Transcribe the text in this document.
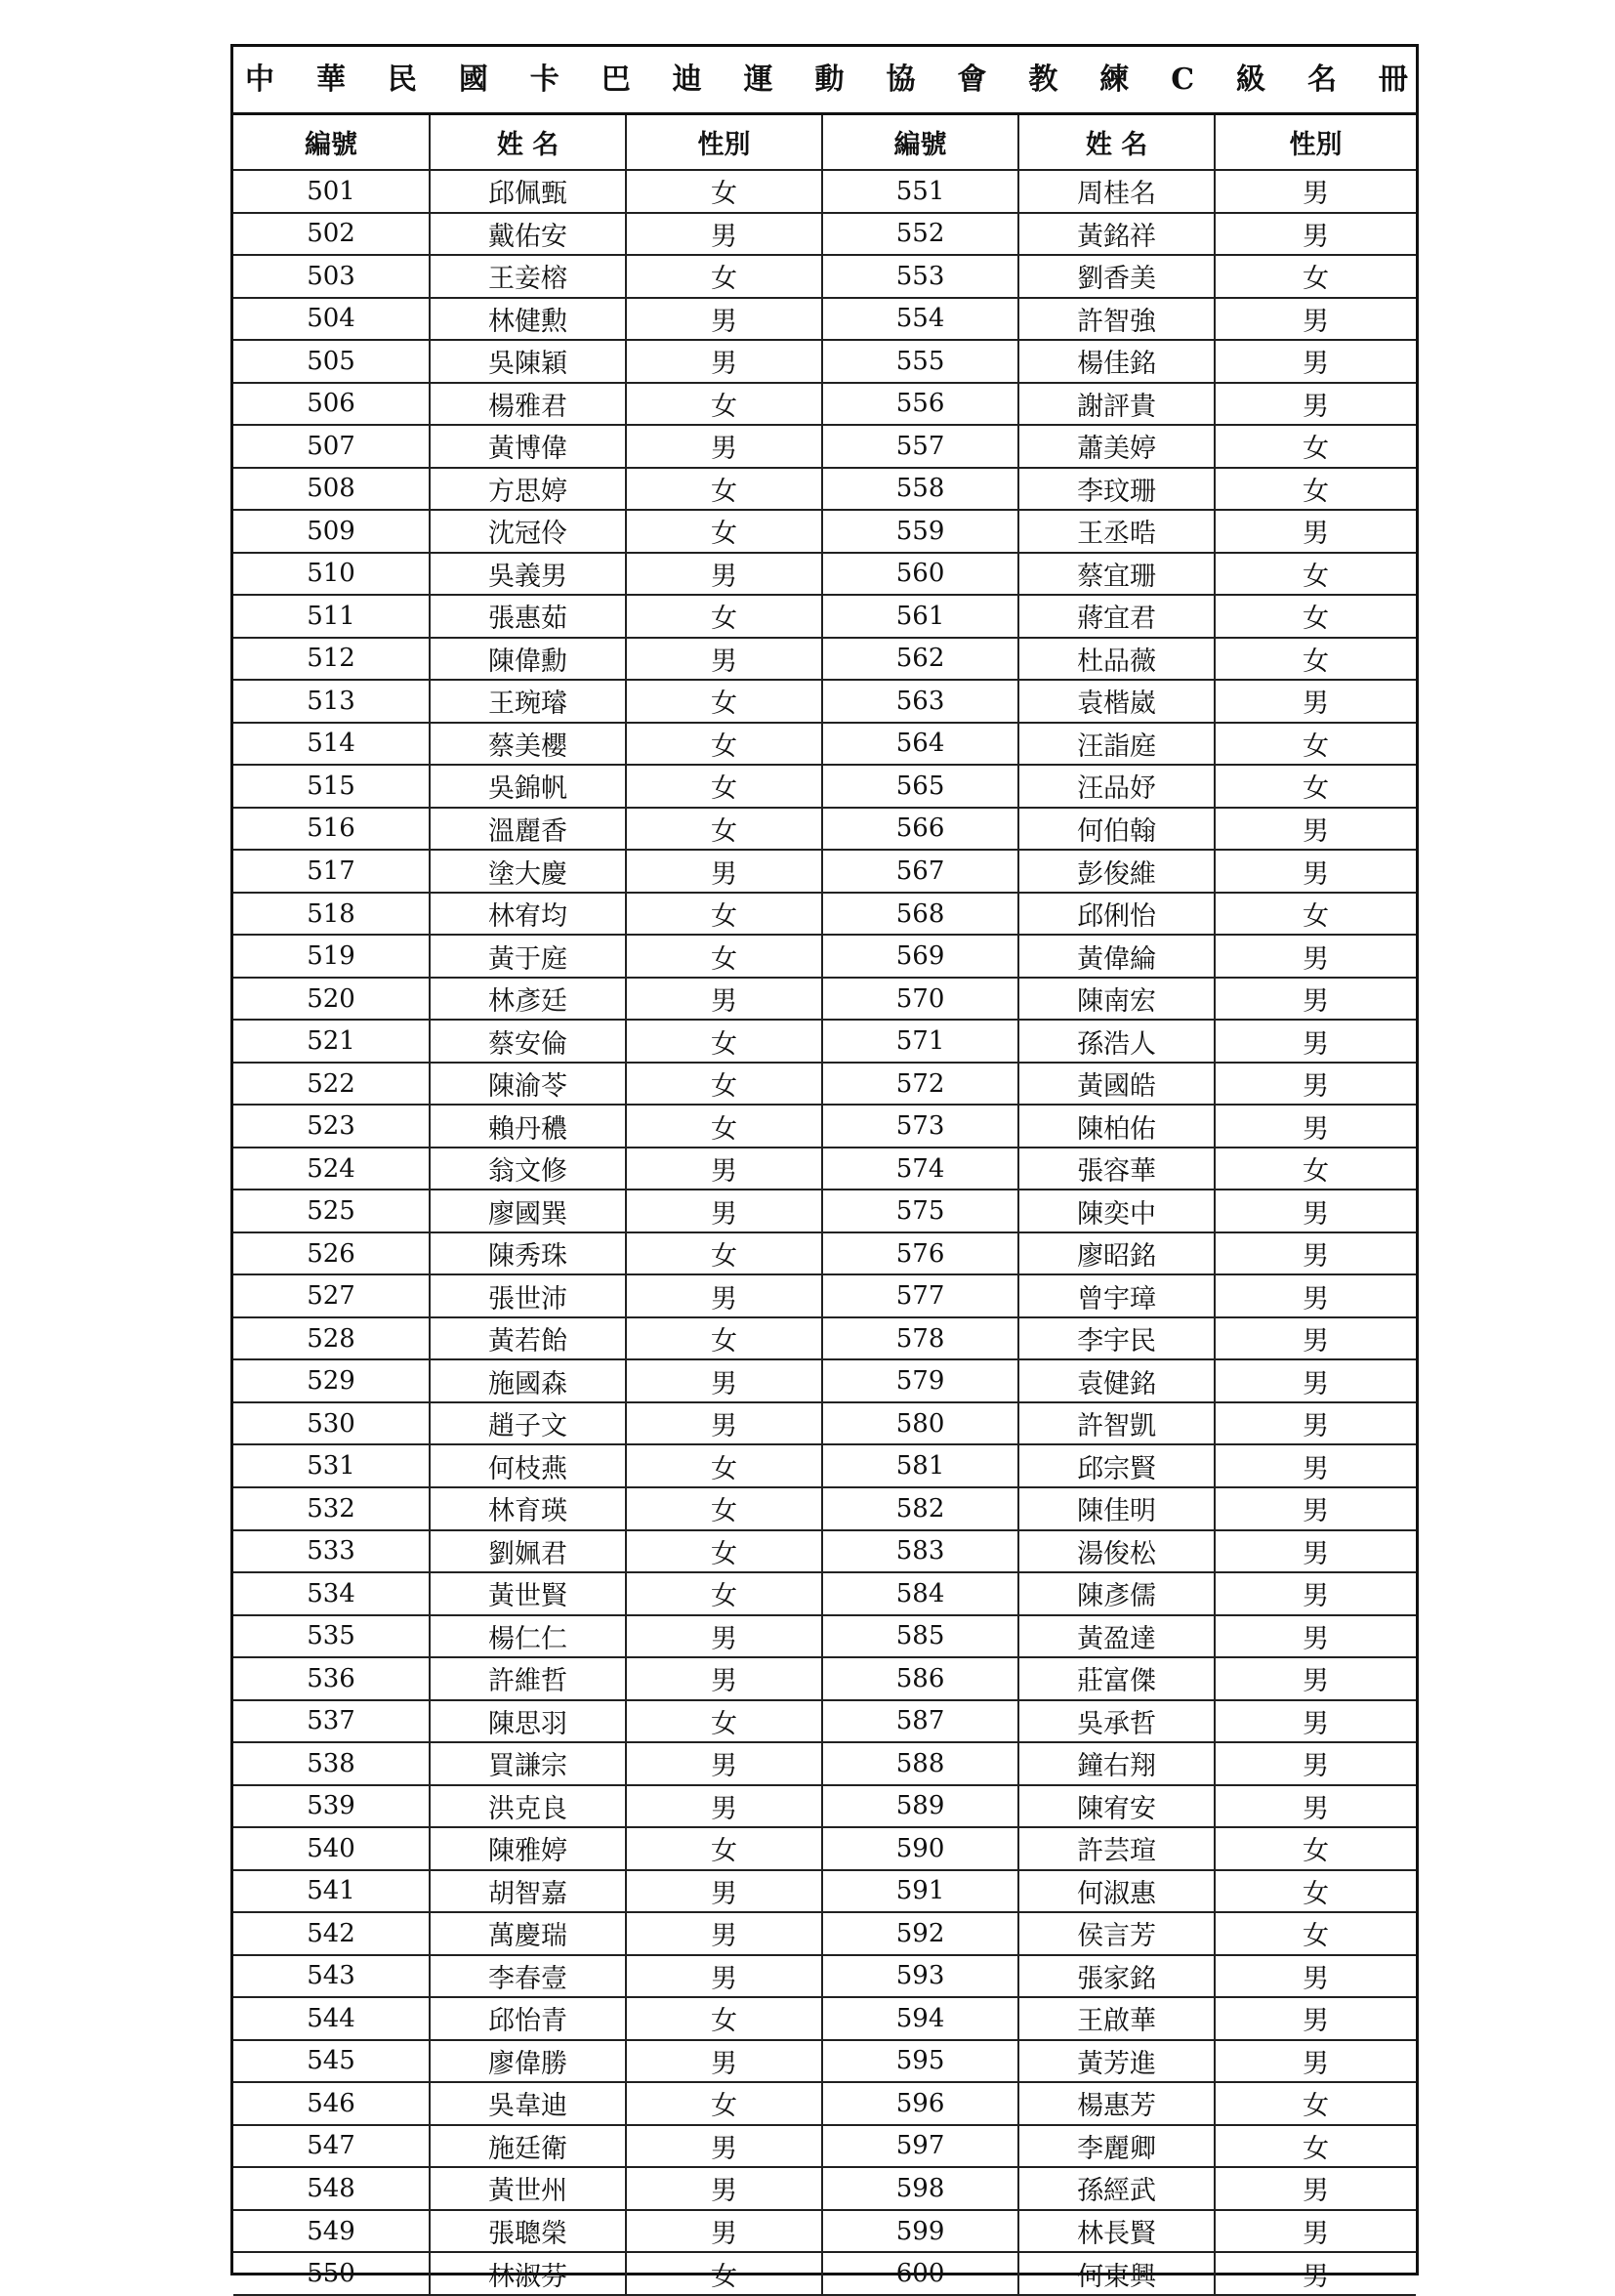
中 華 民 國 卡 巴 迪 運 動 協 會 教 練 C 級 名 冊
編號	姓 名	性別	編號	姓 名	性別
501	邱佩甄	女	551	周桂名	男
502	戴佑安	男	552	黃銘祥	男
503	王妾榕	女	553	劉香美	女
504	林健勲	男	554	許智強	男
505	吳陳穎	男	555	楊佳銘	男
506	楊雅君	女	556	謝評貴	男
507	黃博偉	男	557	蕭美婷	女
508	方思婷	女	558	李玟珊	女
509	沈冠伶	女	559	王丞晧	男
510	吳義男	男	560	蔡宜珊	女
511	張惠茹	女	561	蔣宜君	女
512	陳偉勳	男	562	杜品薇	女
513	王琬璿	女	563	袁楷崴	男
514	蔡美櫻	女	564	汪詣庭	女
515	吳錦帆	女	565	汪品妤	女
516	溫麗香	女	566	何伯翰	男
517	塗大慶	男	567	彭俊維	男
518	林宥均	女	568	邱俐怡	女
519	黃于庭	女	569	黃偉綸	男
520	林彥廷	男	570	陳南宏	男
521	蔡安倫	女	571	孫浩人	男
522	陳渝苓	女	572	黃國皓	男
523	賴丹穠	女	573	陳柏佑	男
524	翁文修	男	574	張容華	女
525	廖國巽	男	575	陳奕中	男
526	陳秀珠	女	576	廖昭銘	男
527	張世沛	男	577	曾宇璋	男
528	黃若飴	女	578	李宇民	男
529	施國森	男	579	袁健銘	男
530	趙子文	男	580	許智凱	男
531	何枝燕	女	581	邱宗賢	男
532	林育瑛	女	582	陳佳明	男
533	劉姵君	女	583	湯俊松	男
534	黃世賢	女	584	陳彥儒	男
535	楊仁仁	男	585	黃盈達	男
536	許維哲	男	586	莊富傑	男
537	陳思羽	女	587	吳承哲	男
538	買謙宗	男	588	鐘右翔	男
539	洪克良	男	589	陳宥安	男
540	陳雅婷	女	590	許芸瑄	女
541	胡智嘉	男	591	何淑惠	女
542	萬慶瑞	男	592	侯言芳	女
543	李春壹	男	593	張家銘	男
544	邱怡青	女	594	王啟華	男
545	廖偉勝	男	595	黃芳進	男
546	吳韋迪	女	596	楊惠芳	女
547	施廷衛	男	597	李麗卿	女
548	黃世州	男	598	孫經武	男
549	張聰榮	男	599	林長賢	男
550	林淑芬	女	600	何東興	男
